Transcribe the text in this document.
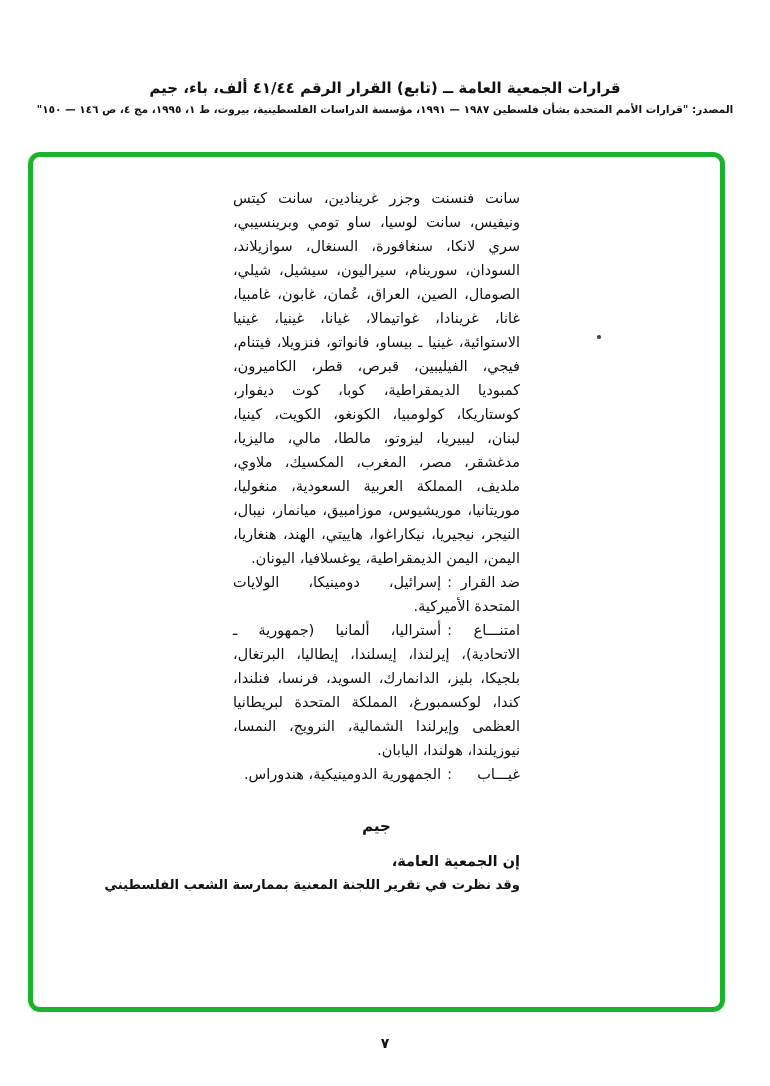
قرارات الجمعية العامة ــ (تابع) القرار الرقم ٤١/٤٤ ألف، باء، جيم
المصدر: "قرارات الأمم المتحدة بشأن فلسطين ١٩٨٧ — ١٩٩١، مؤسسة الدراسات الفلسطينية، بيروت، ط ١، ١٩٩٥، مج ٤، ص ١٤٦ — ١٥٠"

سانت فنسنت وجزر غرينادين، سانت كيتس ونيفيس، سانت لوسيا، ساو تومي وبرينسيبي، سري لانكا، سنغافورة، السنغال، سوازيلاند، السودان، سورينام، سيراليون، سيشيل، شيلي، الصومال، الصين، العراق، عُمان، غابون، غامبيا، غانا، غرينادا، غواتيمالا، غيانا، غينيا، غينيا الاستوائية، غينيا ـ بيساو، فانواتو، فنزويلا، فيتنام، فيجي، الفيليبين، قبرص، قطر، الكاميرون، كمبوديا الديمقراطية، كوبا، كوت ديفوار، كوستاريكا، كولومبيا، الكونغو، الكويت، كينيا، لبنان، ليبيريا، ليزوتو، مالطا، مالي، ماليزيا، مدغشقر، مصر، المغرب، المكسيك، ملاوي، ملديف، المملكة العربية السعودية، منغوليا، موريتانيا، موريشيوس، موزامبيق، ميانمار، نيبال، النيجر، نيجيريا، نيكاراغوا، هاييتي، الهند، هنغاريا، اليمن، اليمن الديمقراطية، يوغسلافيا، اليونان.

ضد القرار:إسرائيل، دومينيكا، الولايات المتحدة الأميركية.

امتنـــاع:أستراليا، ألمانيا (جمهورية ـ الاتحادية)، إيرلندا، إيسلندا، إيطاليا، البرتغال، بلجيكا، بليز، الدانمارك، السويد، فرنسا، فنلندا، كندا، لوكسمبورغ، المملكة المتحدة لبريطانيا العظمى وإيرلندا الشمالية، النرويج، النمسا، نيوزيلندا، هولندا، اليابان.

غيـــاب:الجمهورية الدومينيكية، هندوراس.

جيم

إن الجمعية العامة،

وقد نظرت في تقرير اللجنة المعنية بممارسة الشعب الفلسطيني

٧
